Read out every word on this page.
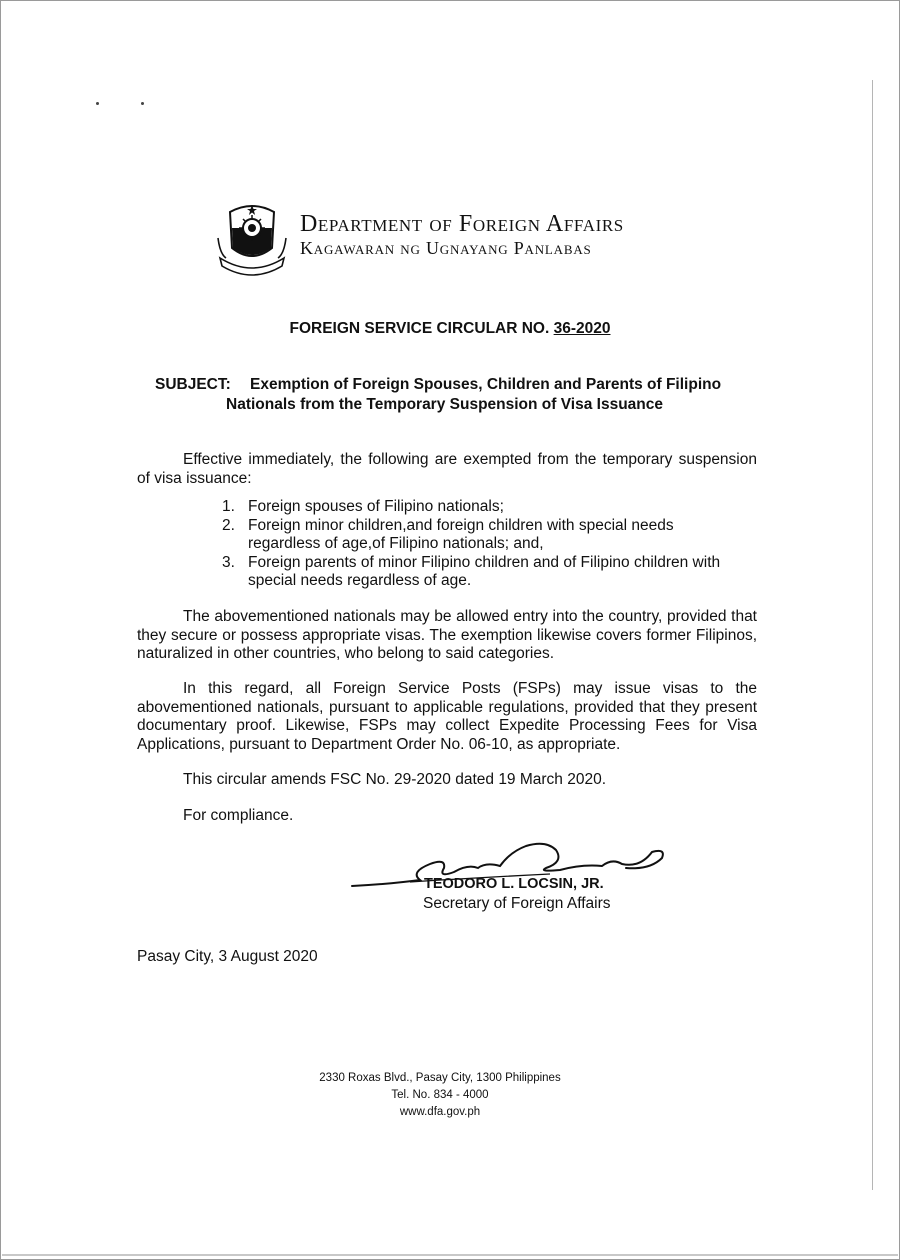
Department of Foreign Affairs
Kagawaran ng Ugnayang Panlabas
FOREIGN SERVICE CIRCULAR NO. 36-2020
SUBJECT: Exemption of Foreign Spouses, Children and Parents of Filipino
Nationals from the Temporary Suspension of Visa Issuance
Effective immediately, the following are exempted from the temporary suspension of visa issuance:
1. Foreign spouses of Filipino nationals;
2. Foreign minor children,and foreign children with special needs regardless of age,of Filipino nationals; and,
3. Foreign parents of minor Filipino children and of Filipino children with special needs regardless of age.
The abovementioned nationals may be allowed entry into the country, provided that they secure or possess appropriate visas. The exemption likewise covers former Filipinos, naturalized in other countries, who belong to said categories.
In this regard, all Foreign Service Posts (FSPs) may issue visas to the abovementioned nationals, pursuant to applicable regulations, provided that they present documentary proof. Likewise, FSPs may collect Expedite Processing Fees for Visa Applications, pursuant to Department Order No. 06-10, as appropriate.
This circular amends FSC No. 29-2020 dated 19 March 2020.
For compliance.
TEODORO L. LOCSIN, JR.
Secretary of Foreign Affairs
Pasay City, 3 August 2020
2330 Roxas Blvd., Pasay City, 1300 Philippines
Tel. No. 834 - 4000
www.dfa.gov.ph
